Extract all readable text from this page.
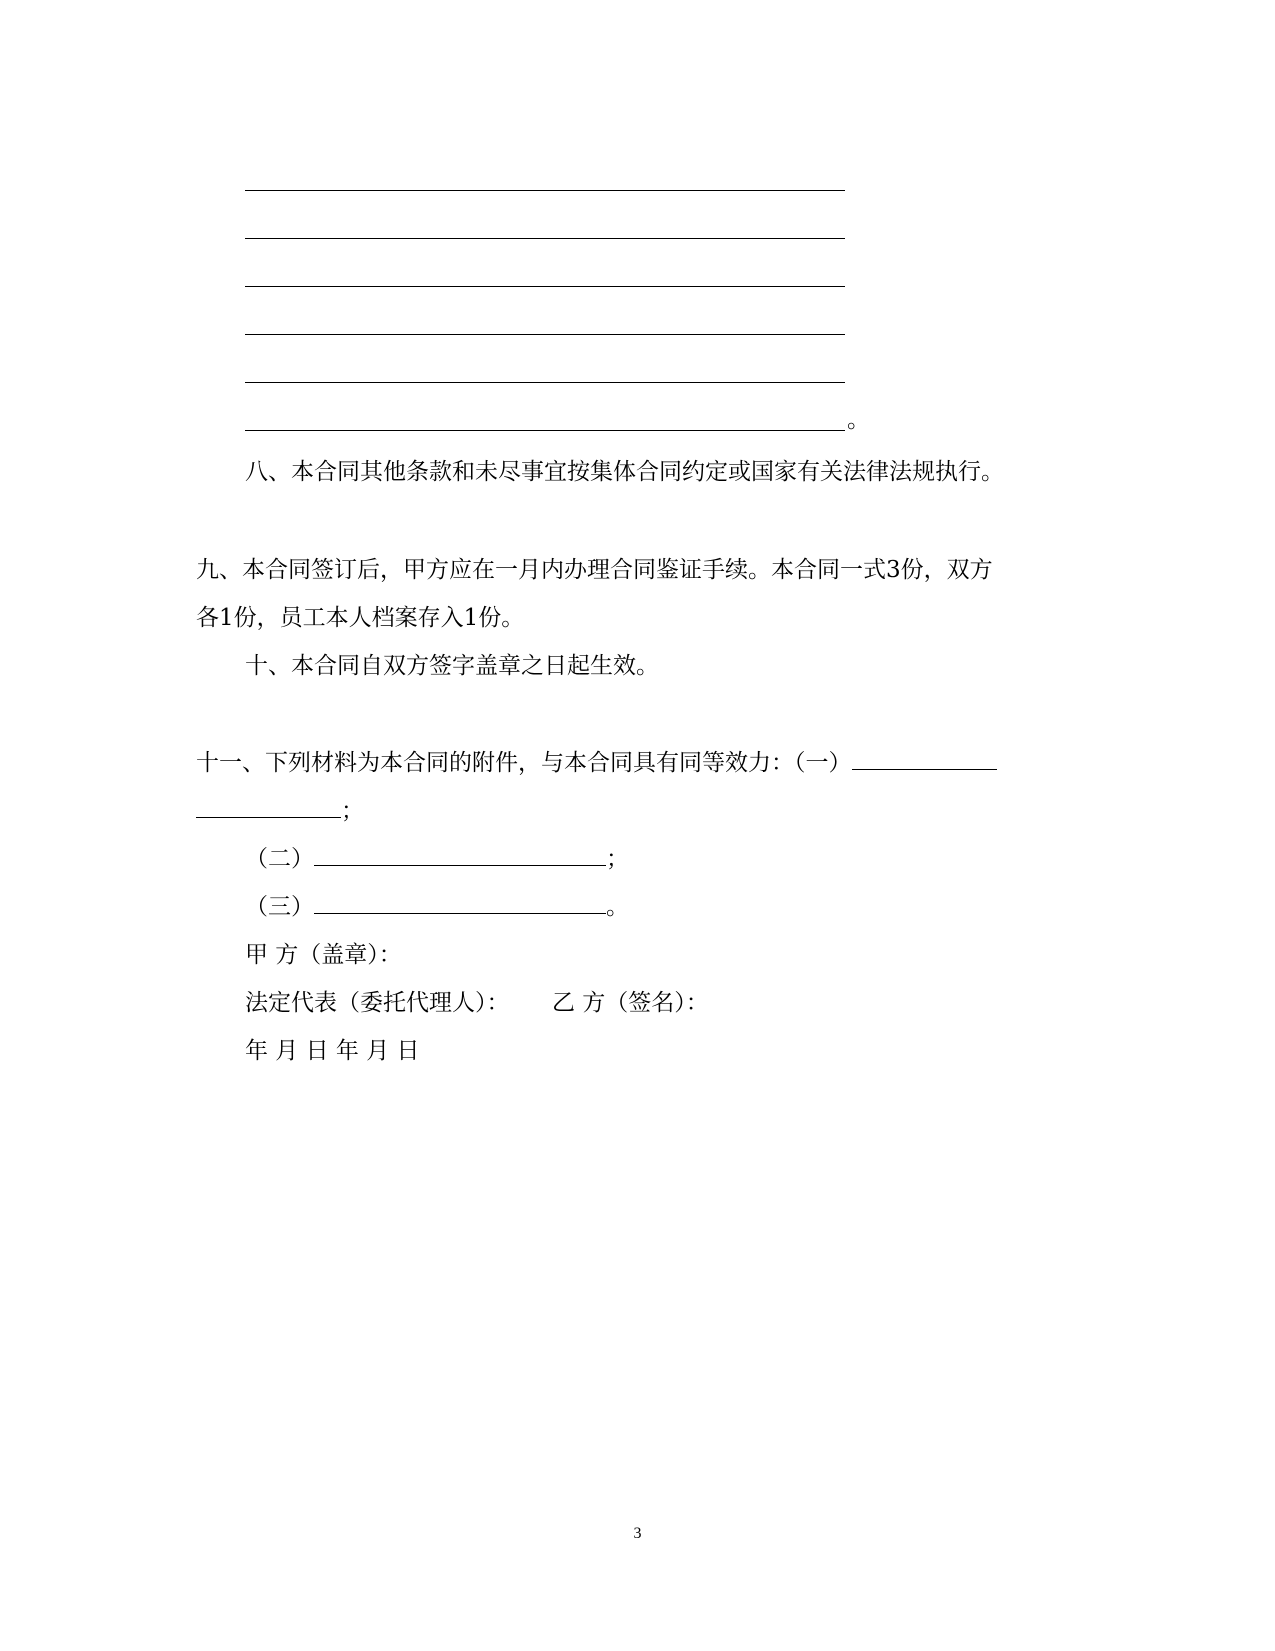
。
八、本合同其他条款和未尽事宜按集体合同约定或国家有关法律法规执行。
九、本合同签订后，甲方应在一月内办理合同鉴证手续。本合同一式3份，双方
各1份，员工本人档案存入1份。
十、本合同自双方签字盖章之日起生效。
十一、下列材料为本合同的附件，与本合同具有同等效力：（一）
；
（二）	；
（三）	。
甲 方（盖章）：
法定代表（委托代理人）： 乙 方（签名）：
年 月 日 年 月 日
3
